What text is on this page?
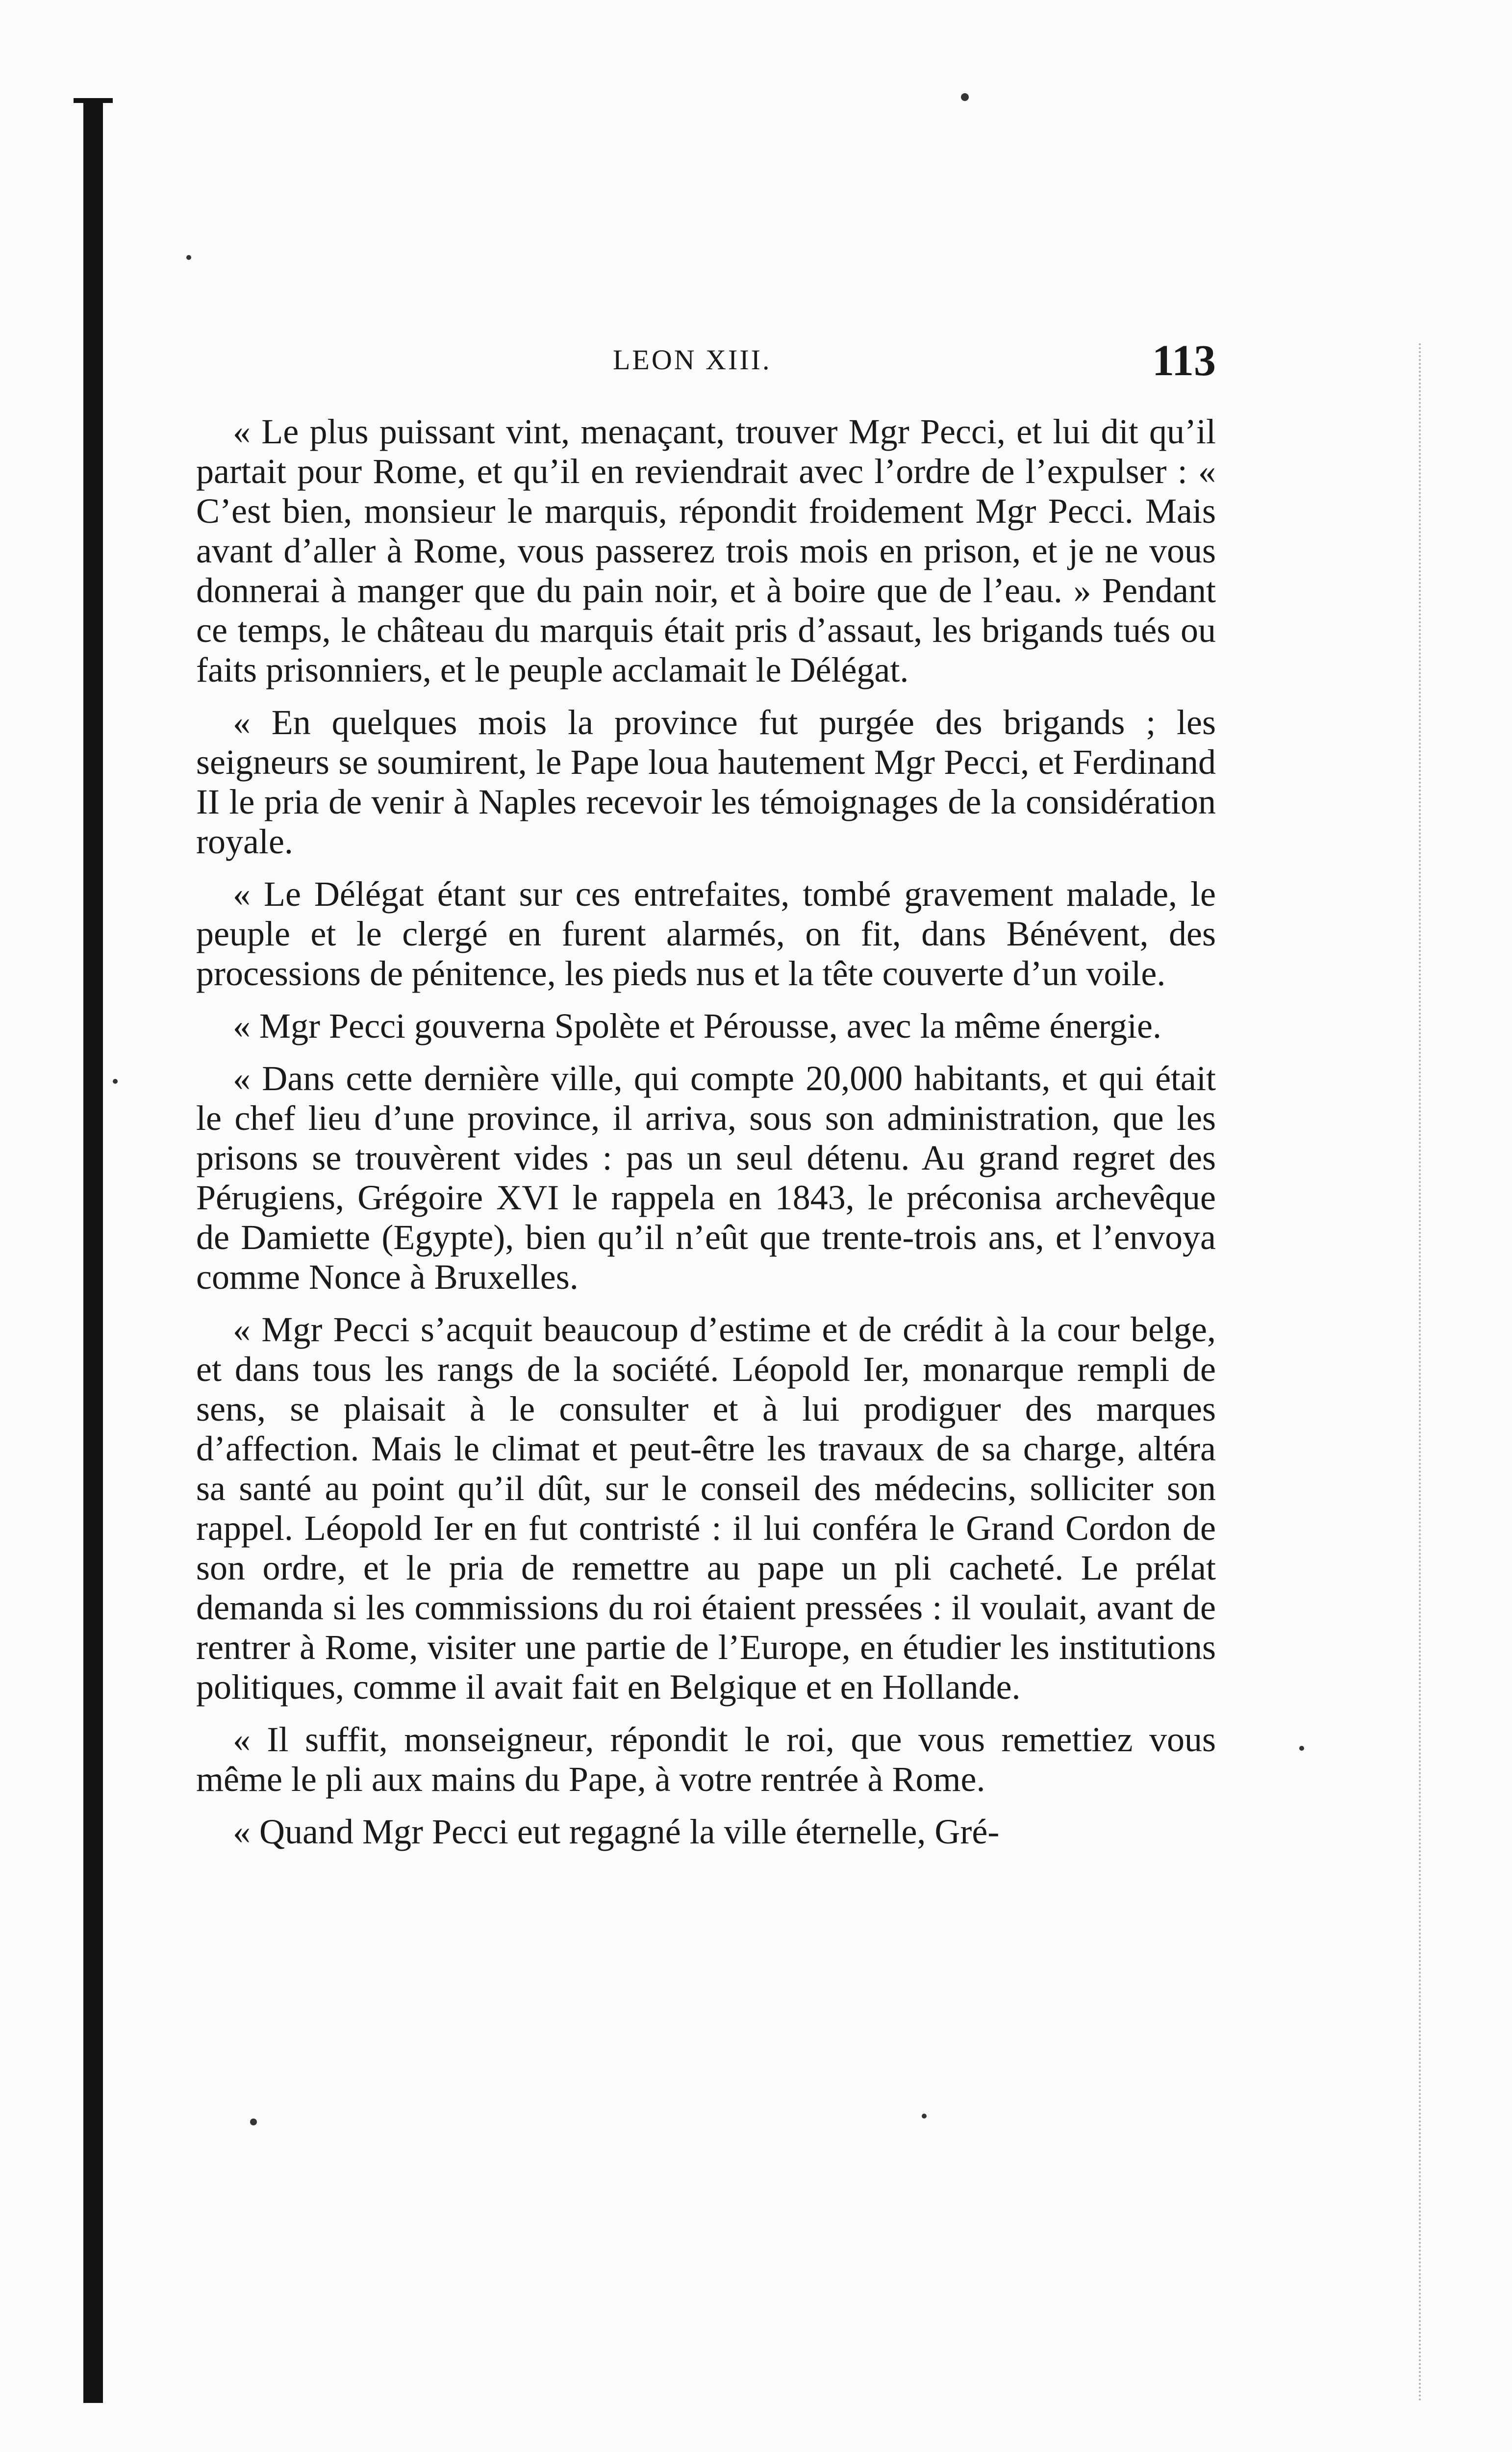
LEON XIII.	113

« Le plus puissant vint, menaçant, trouver Mgr Pecci, et lui dit qu’il partait pour Rome, et qu’il en reviendrait avec l’ordre de l’expulser : « C’est bien, monsieur le marquis, répondit froidement Mgr Pecci. Mais avant d’aller à Rome, vous passerez trois mois en prison, et je ne vous donnerai à manger que du pain noir, et à boire que de l’eau. » Pendant ce temps, le château du marquis était pris d’assaut, les brigands tués ou faits prisonniers, et le peuple acclamait le Délégat.

« En quelques mois la province fut purgée des brigands ; les seigneurs se soumirent, le Pape loua hautement Mgr Pecci, et Ferdinand II le pria de venir à Naples recevoir les témoignages de la considération royale.

« Le Délégat étant sur ces entrefaites, tombé gravement malade, le peuple et le clergé en furent alarmés, on fit, dans Bénévent, des processions de pénitence, les pieds nus et la tête couverte d’un voile.

« Mgr Pecci gouverna Spolète et Pérousse, avec la même énergie.

« Dans cette dernière ville, qui compte 20,000 habitants, et qui était le chef lieu d’une province, il arriva, sous son administration, que les prisons se trouvèrent vides : pas un seul détenu. Au grand regret des Pérugiens, Grégoire XVI le rappela en 1843, le préconisa archevêque de Damiette (Egypte), bien qu’il n’eût que trente-trois ans, et l’envoya comme Nonce à Bruxelles.

« Mgr Pecci s’acquit beaucoup d’estime et de crédit à la cour belge, et dans tous les rangs de la société. Léopold Ier, monarque rempli de sens, se plaisait à le consulter et à lui prodiguer des marques d’affection. Mais le climat et peut-être les travaux de sa charge, altéra sa santé au point qu’il dût, sur le conseil des médecins, solliciter son rappel. Léopold Ier en fut contristé : il lui conféra le Grand Cordon de son ordre, et le pria de remettre au pape un pli cacheté. Le prélat demanda si les commissions du roi étaient pressées : il voulait, avant de rentrer à Rome, visiter une partie de l’Europe, en étudier les institutions politiques, comme il avait fait en Belgique et en Hollande.

« Il suffit, monseigneur, répondit le roi, que vous remettiez vous même le pli aux mains du Pape, à votre rentrée à Rome.

« Quand Mgr Pecci eut regagné la ville éternelle, Gré-
